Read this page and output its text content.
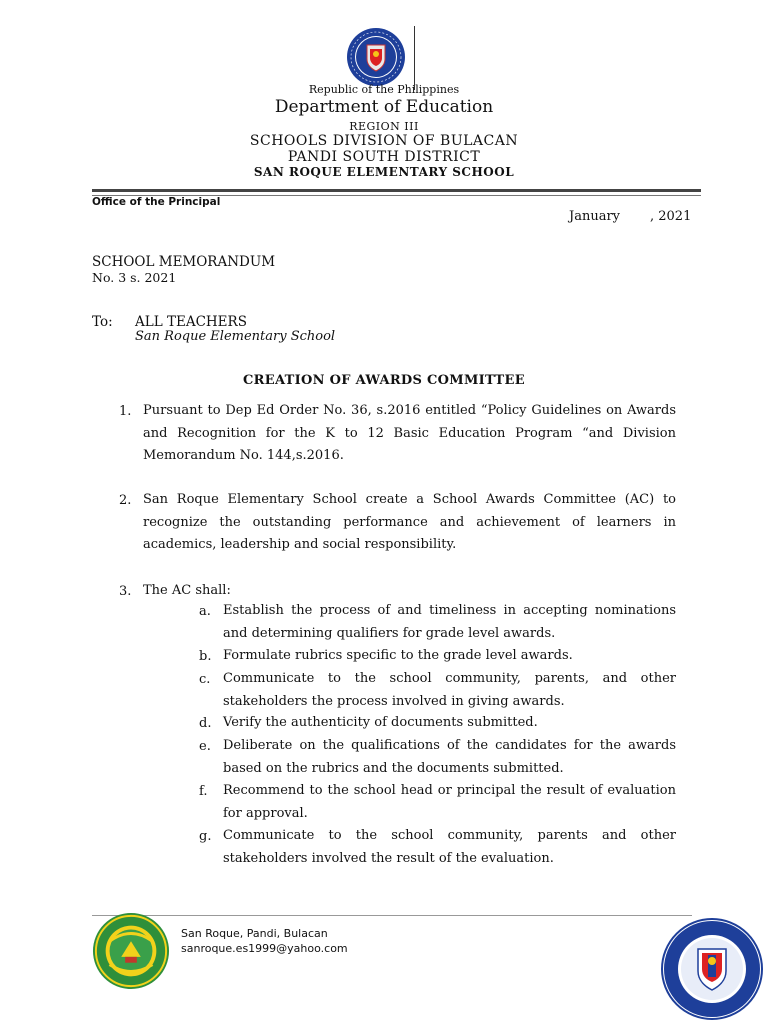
Republic of the Philippines
Department of Education
REGION III
SCHOOLS DIVISION OF BULACAN
PANDI SOUTH DISTRICT
SAN ROQUE ELEMENTARY SCHOOL
Office of the Principal
January , 2021
SCHOOL MEMORANDUM
No. 3 s. 2021
To: ALL TEACHERS
San Roque Elementary School
CREATION OF AWARDS COMMITTEE
1. Pursuant to Dep Ed Order No. 36, s.2016 entitled “Policy Guidelines on Awards
and Recognition for the K to 12 Basic Education Program “and Division
Memorandum No. 144,s.2016.
2. San Roque Elementary School create a School Awards Committee (AC) to
recognize the outstanding performance and achievement of learners in
academics, leadership and social responsibility.
3. The AC shall:
a. Establish the process of and timeliness in accepting nominations
and determining qualifiers for grade level awards.
b. Formulate rubrics specific to the grade level awards.
c. Communicate to the school community, parents, and other
stakeholders the process involved in giving awards.
d. Verify the authenticity of documents submitted.
e. Deliberate on the qualifications of the candidates for the awards
based on the rubrics and the documents submitted.
f. Recommend to the school head or principal the result of evaluation
for approval.
g. Communicate to the school community, parents and other
stakeholders involved the result of the evaluation.
San Roque, Pandi, Bulacan
sanroque.es1999@yahoo.com
